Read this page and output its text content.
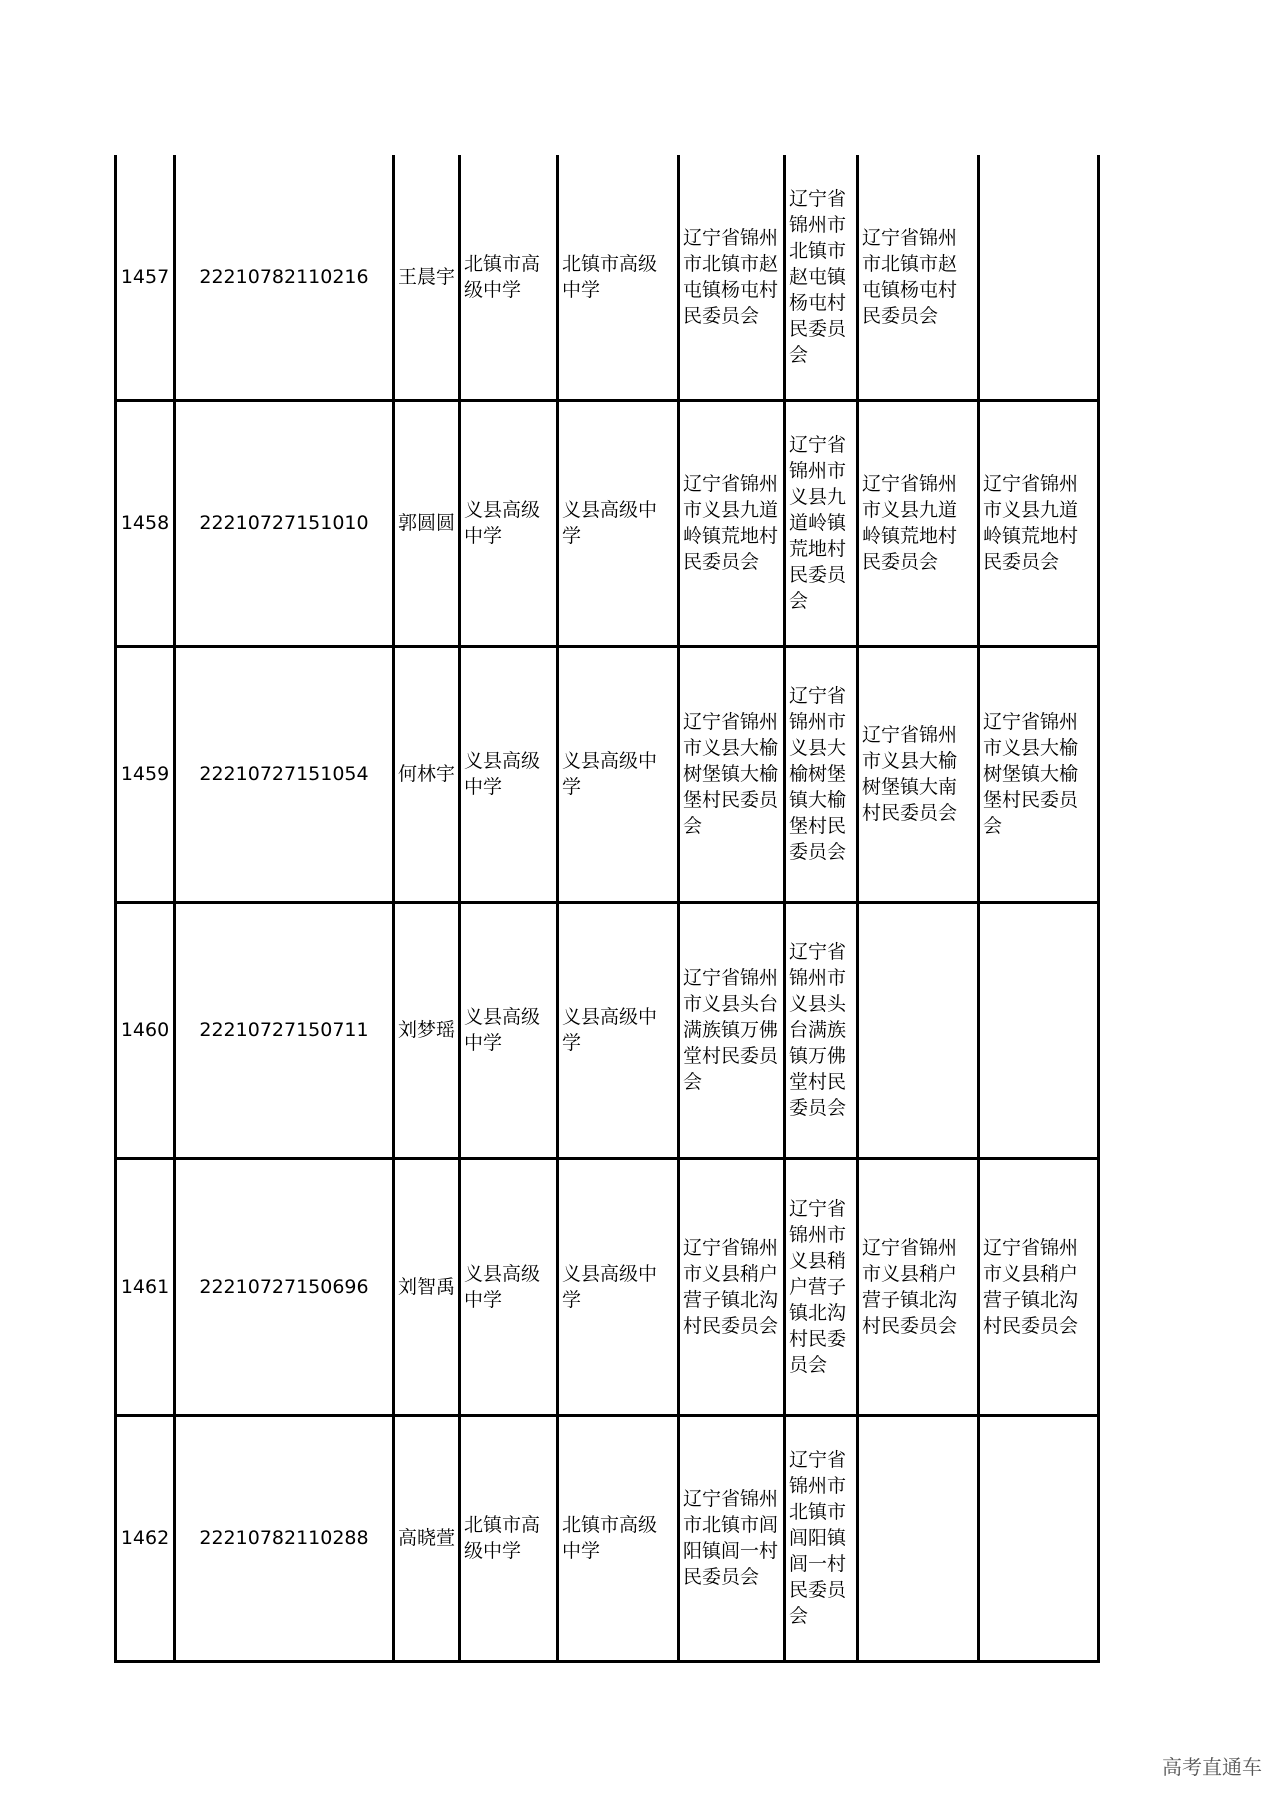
1457	22210782110216	王晨宇	北镇市高级中学	北镇市高级中学	辽宁省锦州市北镇市赵屯镇杨屯村民委员会	辽宁省锦州市北镇市赵屯镇杨屯村民委员会	辽宁省锦州市北镇市赵屯镇杨屯村民委员会	
1458	22210727151010	郭圆圆	义县高级中学	义县高级中学	辽宁省锦州市义县九道岭镇荒地村民委员会	辽宁省锦州市义县九道岭镇荒地村民委员会	辽宁省锦州市义县九道岭镇荒地村民委员会	辽宁省锦州市义县九道岭镇荒地村民委员会
1459	22210727151054	何林宇	义县高级中学	义县高级中学	辽宁省锦州市义县大榆树堡镇大榆堡村民委员会	辽宁省锦州市义县大榆树堡镇大榆堡村民委员会	辽宁省锦州市义县大榆树堡镇大南村民委员会	辽宁省锦州市义县大榆树堡镇大榆堡村民委员会
1460	22210727150711	刘梦瑶	义县高级中学	义县高级中学	辽宁省锦州市义县头台满族镇万佛堂村民委员会	辽宁省锦州市义县头台满族镇万佛堂村民委员会		
1461	22210727150696	刘智禹	义县高级中学	义县高级中学	辽宁省锦州市义县稍户营子镇北沟村民委员会	辽宁省锦州市义县稍户营子镇北沟村民委员会	辽宁省锦州市义县稍户营子镇北沟村民委员会	辽宁省锦州市义县稍户营子镇北沟村民委员会
1462	22210782110288	高晓萱	北镇市高级中学	北镇市高级中学	辽宁省锦州市北镇市闾阳镇闾一村民委员会	辽宁省锦州市北镇市闾阳镇闾一村民委员会		
高考直通车
